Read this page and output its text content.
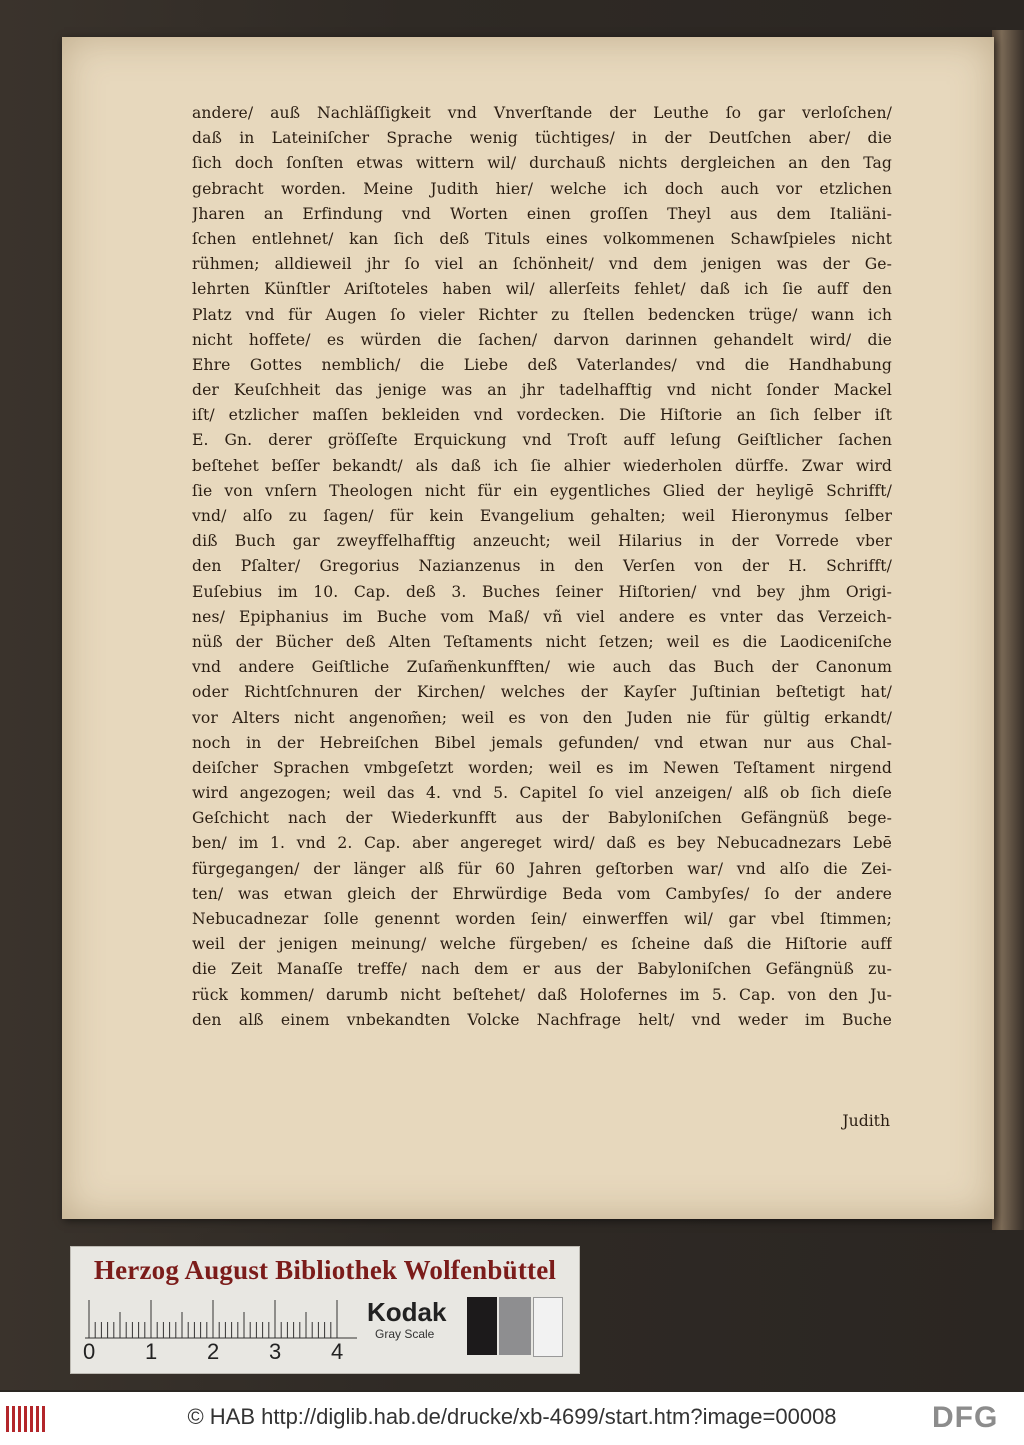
andere/ auß Nachläſſigkeit vnd Vnverſtande der Leuthe ſo gar verloſchen/
daß in Lateiniſcher Sprache wenig tüchtiges/ in der Deutſchen aber/ die
ſich doch ſonſten etwas wittern wil/ durchauß nichts dergleichen an den Tag
gebracht worden. Meine Judith hier/ welche ich doch auch vor etzlichen
Jharen an Erfindung vnd Worten einen groſſen Theyl aus dem Italiäni-
ſchen entlehnet/ kan ſich deß Tituls eines volkommenen Schawſpieles nicht
rühmen; alldieweil jhr ſo viel an ſchönheit/ vnd dem jenigen was der Ge-
lehrten Künſtler Ariſtoteles haben wil/ allerſeits fehlet/ daß ich ſie auff den
Platz vnd für Augen ſo vieler Richter zu ſtellen bedencken trüge/ wann ich
nicht hoffete/ es würden die ſachen/ darvon darinnen gehandelt wird/ die
Ehre Gottes nemblich/ die Liebe deß Vaterlandes/ vnd die Handhabung
der Keuſchheit das jenige was an jhr tadelhafftig vnd nicht ſonder Mackel
iſt/ etzlicher maſſen bekleiden vnd vordecken. Die Hiſtorie an ſich ſelber iſt
E. Gn. derer gröſſeſte Erquickung vnd Troſt auff leſung Geiſtlicher ſachen
beſtehet beſſer bekandt/ als daß ich ſie alhier wiederholen dürffe. Zwar wird
ſie von vnſern Theologen nicht für ein eygentliches Glied der heyligē Schrifft/
vnd/ alſo zu ſagen/ für kein Evangelium gehalten; weil Hieronymus ſelber
diß Buch gar zweyffelhafftig anzeucht; weil Hilarius in der Vorrede vber
den Pſalter/ Gregorius Nazianzenus in den Verſen von der H. Schrifft/
Euſebius im 10. Cap. deß 3. Buches ſeiner Hiſtorien/ vnd bey jhm Origi-
nes/ Epiphanius im Buche vom Maß/ vñ viel andere es vnter das Verzeich-
nüß der Bücher deß Alten Teſtaments nicht ſetzen; weil es die Laodiceniſche
vnd andere Geiſtliche Zuſam̃enkunfften/ wie auch das Buch der Canonum
oder Richtſchnuren der Kirchen/ welches der Kayſer Juſtinian beſtetigt hat/
vor Alters nicht angenom̃en; weil es von den Juden nie für gültig erkandt/
noch in der Hebreiſchen Bibel jemals gefunden/ vnd etwan nur aus Chal-
deiſcher Sprachen vmbgeſetzt worden; weil es im Newen Teſtament nirgend
wird angezogen; weil das 4. vnd 5. Capitel ſo viel anzeigen/ alß ob ſich dieſe
Geſchicht nach der Wiederkunfft aus der Babyloniſchen Gefängnüß bege-
ben/ im 1. vnd 2. Cap. aber angereget wird/ daß es bey Nebucadnezars Lebē
fürgegangen/ der länger alß für 60 Jahren geſtorben war/ vnd alſo die Zei-
ten/ was etwan gleich der Ehrwürdige Beda vom Cambyſes/ ſo der andere
Nebucadnezar ſolle genennt worden ſein/ einwerffen wil/ gar vbel ſtimmen;
weil der jenigen meinung/ welche fürgeben/ es ſcheine daß die Hiſtorie auff
die Zeit Manaſſe treffe/ nach dem er aus der Babyloniſchen Gefängnüß zu-
rück kommen/ darumb nicht beſtehet/ daß Holofernes im 5. Cap. von den Ju-
den alß einem vnbekandten Volcke Nachfrage helt/ vnd weder im Buche
Judith
Herzog August Bibliothek Wolfenbüttel
0 1 2 3 4
Kodak
Gray Scale
© HAB http://diglib.hab.de/drucke/xb-4699/start.htm?image=00008	DFG
